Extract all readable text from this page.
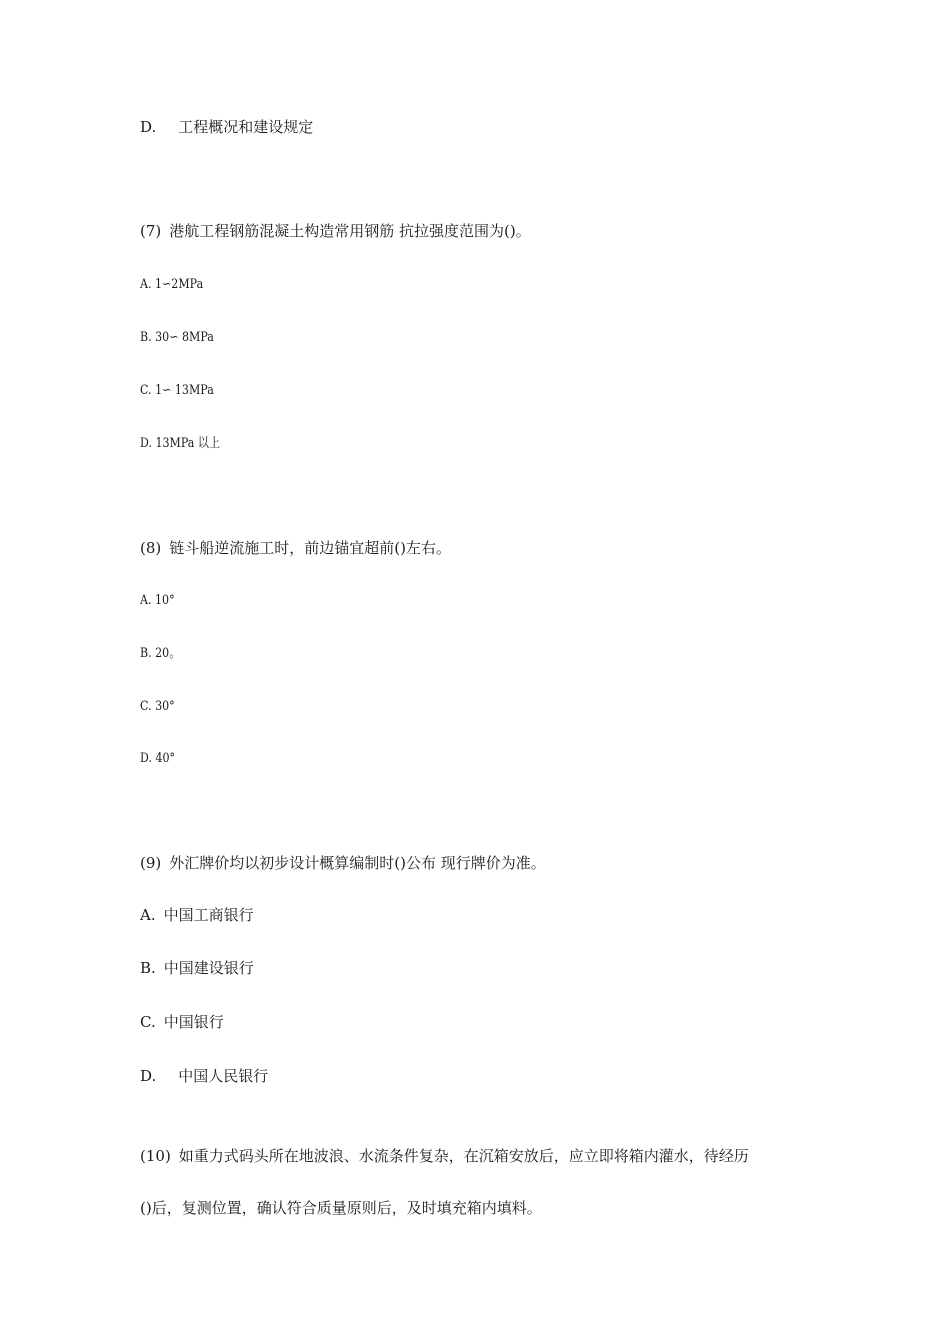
D. 工程概况和建设规定
(7) 港航工程钢筋混凝土构造常用钢筋 抗拉强度范围为()。
A. 1∽2MPa
B. 30∽ 8MPa
C. 1∽ 13MPa
D. 13MPa 以上
(8) 链斗船逆流施工时，前边锚宜超前()左右。
A. 10°
B. 20。
C. 30°
D. 40°
(9) 外汇牌价均以初步设计概算编制时()公布 现行牌价为准。
A. 中国工商银行
B. 中国建设银行
C. 中国银行
D. 中国人民银行
(10) 如重力式码头所在地波浪、水流条件复杂，在沉箱安放后，应立即将箱内灌水，待经历
()后，复测位置，确认符合质量原则后，及时填充箱内填料。
